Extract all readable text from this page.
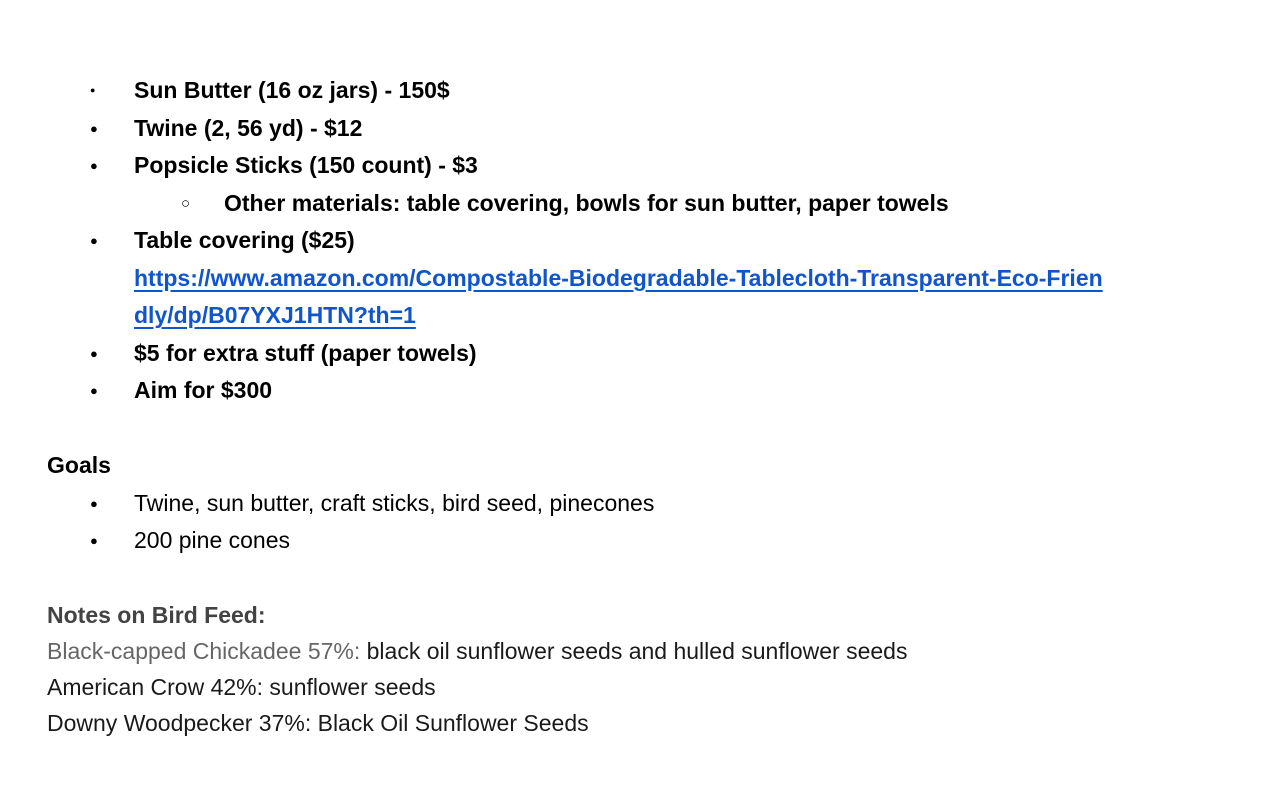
● Sun Butter (16 oz jars) - 150$
● Twine (2, 56 yd) - $12
● Popsicle Sticks (150 count) - $3
○ Other materials: table covering, bowls for sun butter, paper towels
● Table covering ($25)
https://www.amazon.com/Compostable-Biodegradable-Tablecloth-Transparent-Eco-Frien
dly/dp/B07YXJ1HTN?th=1
● $5 for extra stuff (paper towels)
● Aim for $300
Goals
● Twine, sun butter, craft sticks, bird seed, pinecones
● 200 pine cones
Notes on Bird Feed:
Black-capped Chickadee 57%: black oil sunflower seeds and hulled sunflower seeds
American Crow 42%: sunflower seeds
Downy Woodpecker 37%: Black Oil Sunflower Seeds
